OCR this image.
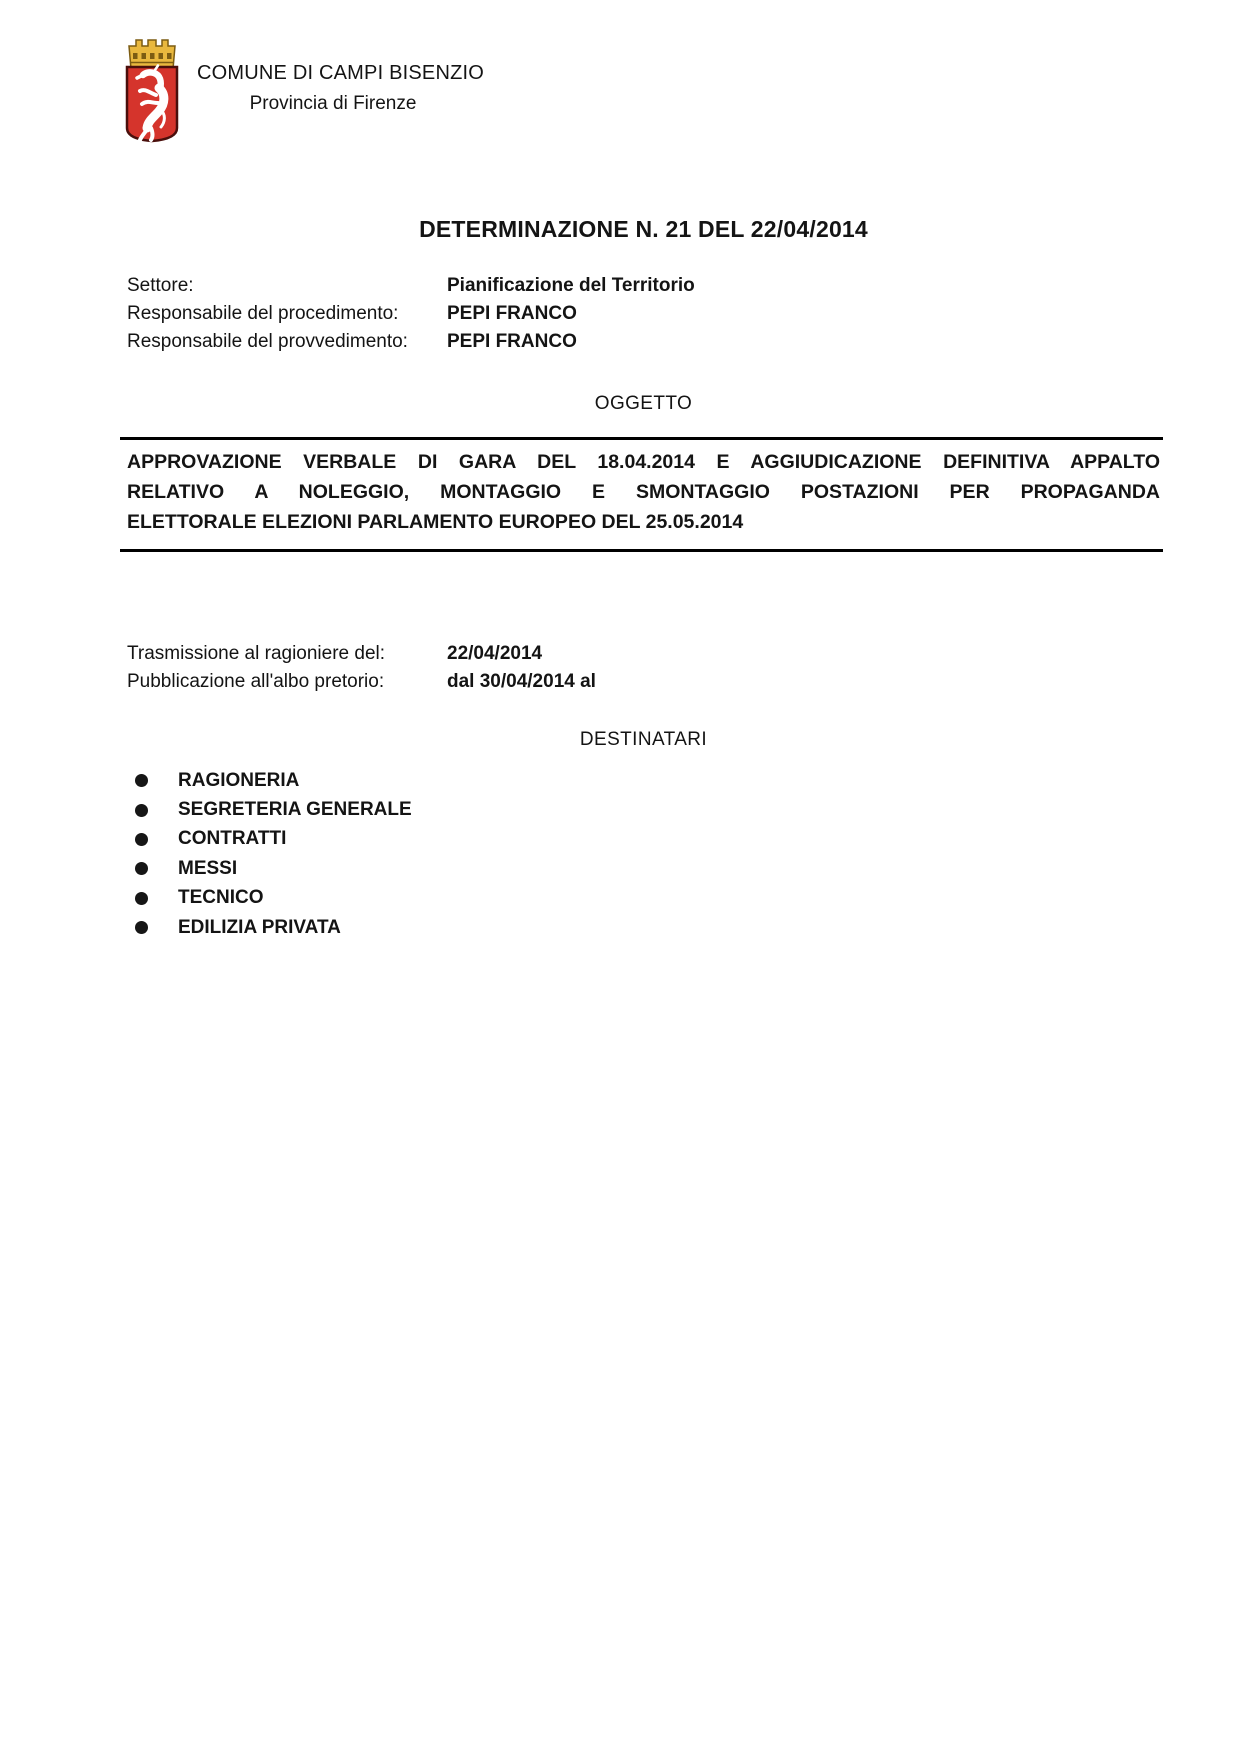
COMUNE DI CAMPI BISENZIO
Provincia di Firenze
DETERMINAZIONE N. 21 DEL 22/04/2014
Settore:	Pianificazione del Territorio
Responsabile del procedimento:	PEPI FRANCO
Responsabile del provvedimento:	PEPI FRANCO
OGGETTO
APPROVAZIONE VERBALE DI GARA DEL 18.04.2014 E AGGIUDICAZIONE DEFINITIVA APPALTO
RELATIVO A NOLEGGIO, MONTAGGIO E SMONTAGGIO POSTAZIONI PER PROPAGANDA
ELETTORALE ELEZIONI PARLAMENTO EUROPEO DEL 25.05.2014
Trasmissione al ragioniere del:	22/04/2014
Pubblicazione all'albo pretorio:	dal 30/04/2014 al
DESTINATARI
RAGIONERIA
SEGRETERIA GENERALE
CONTRATTI
MESSI
TECNICO
EDILIZIA PRIVATA
